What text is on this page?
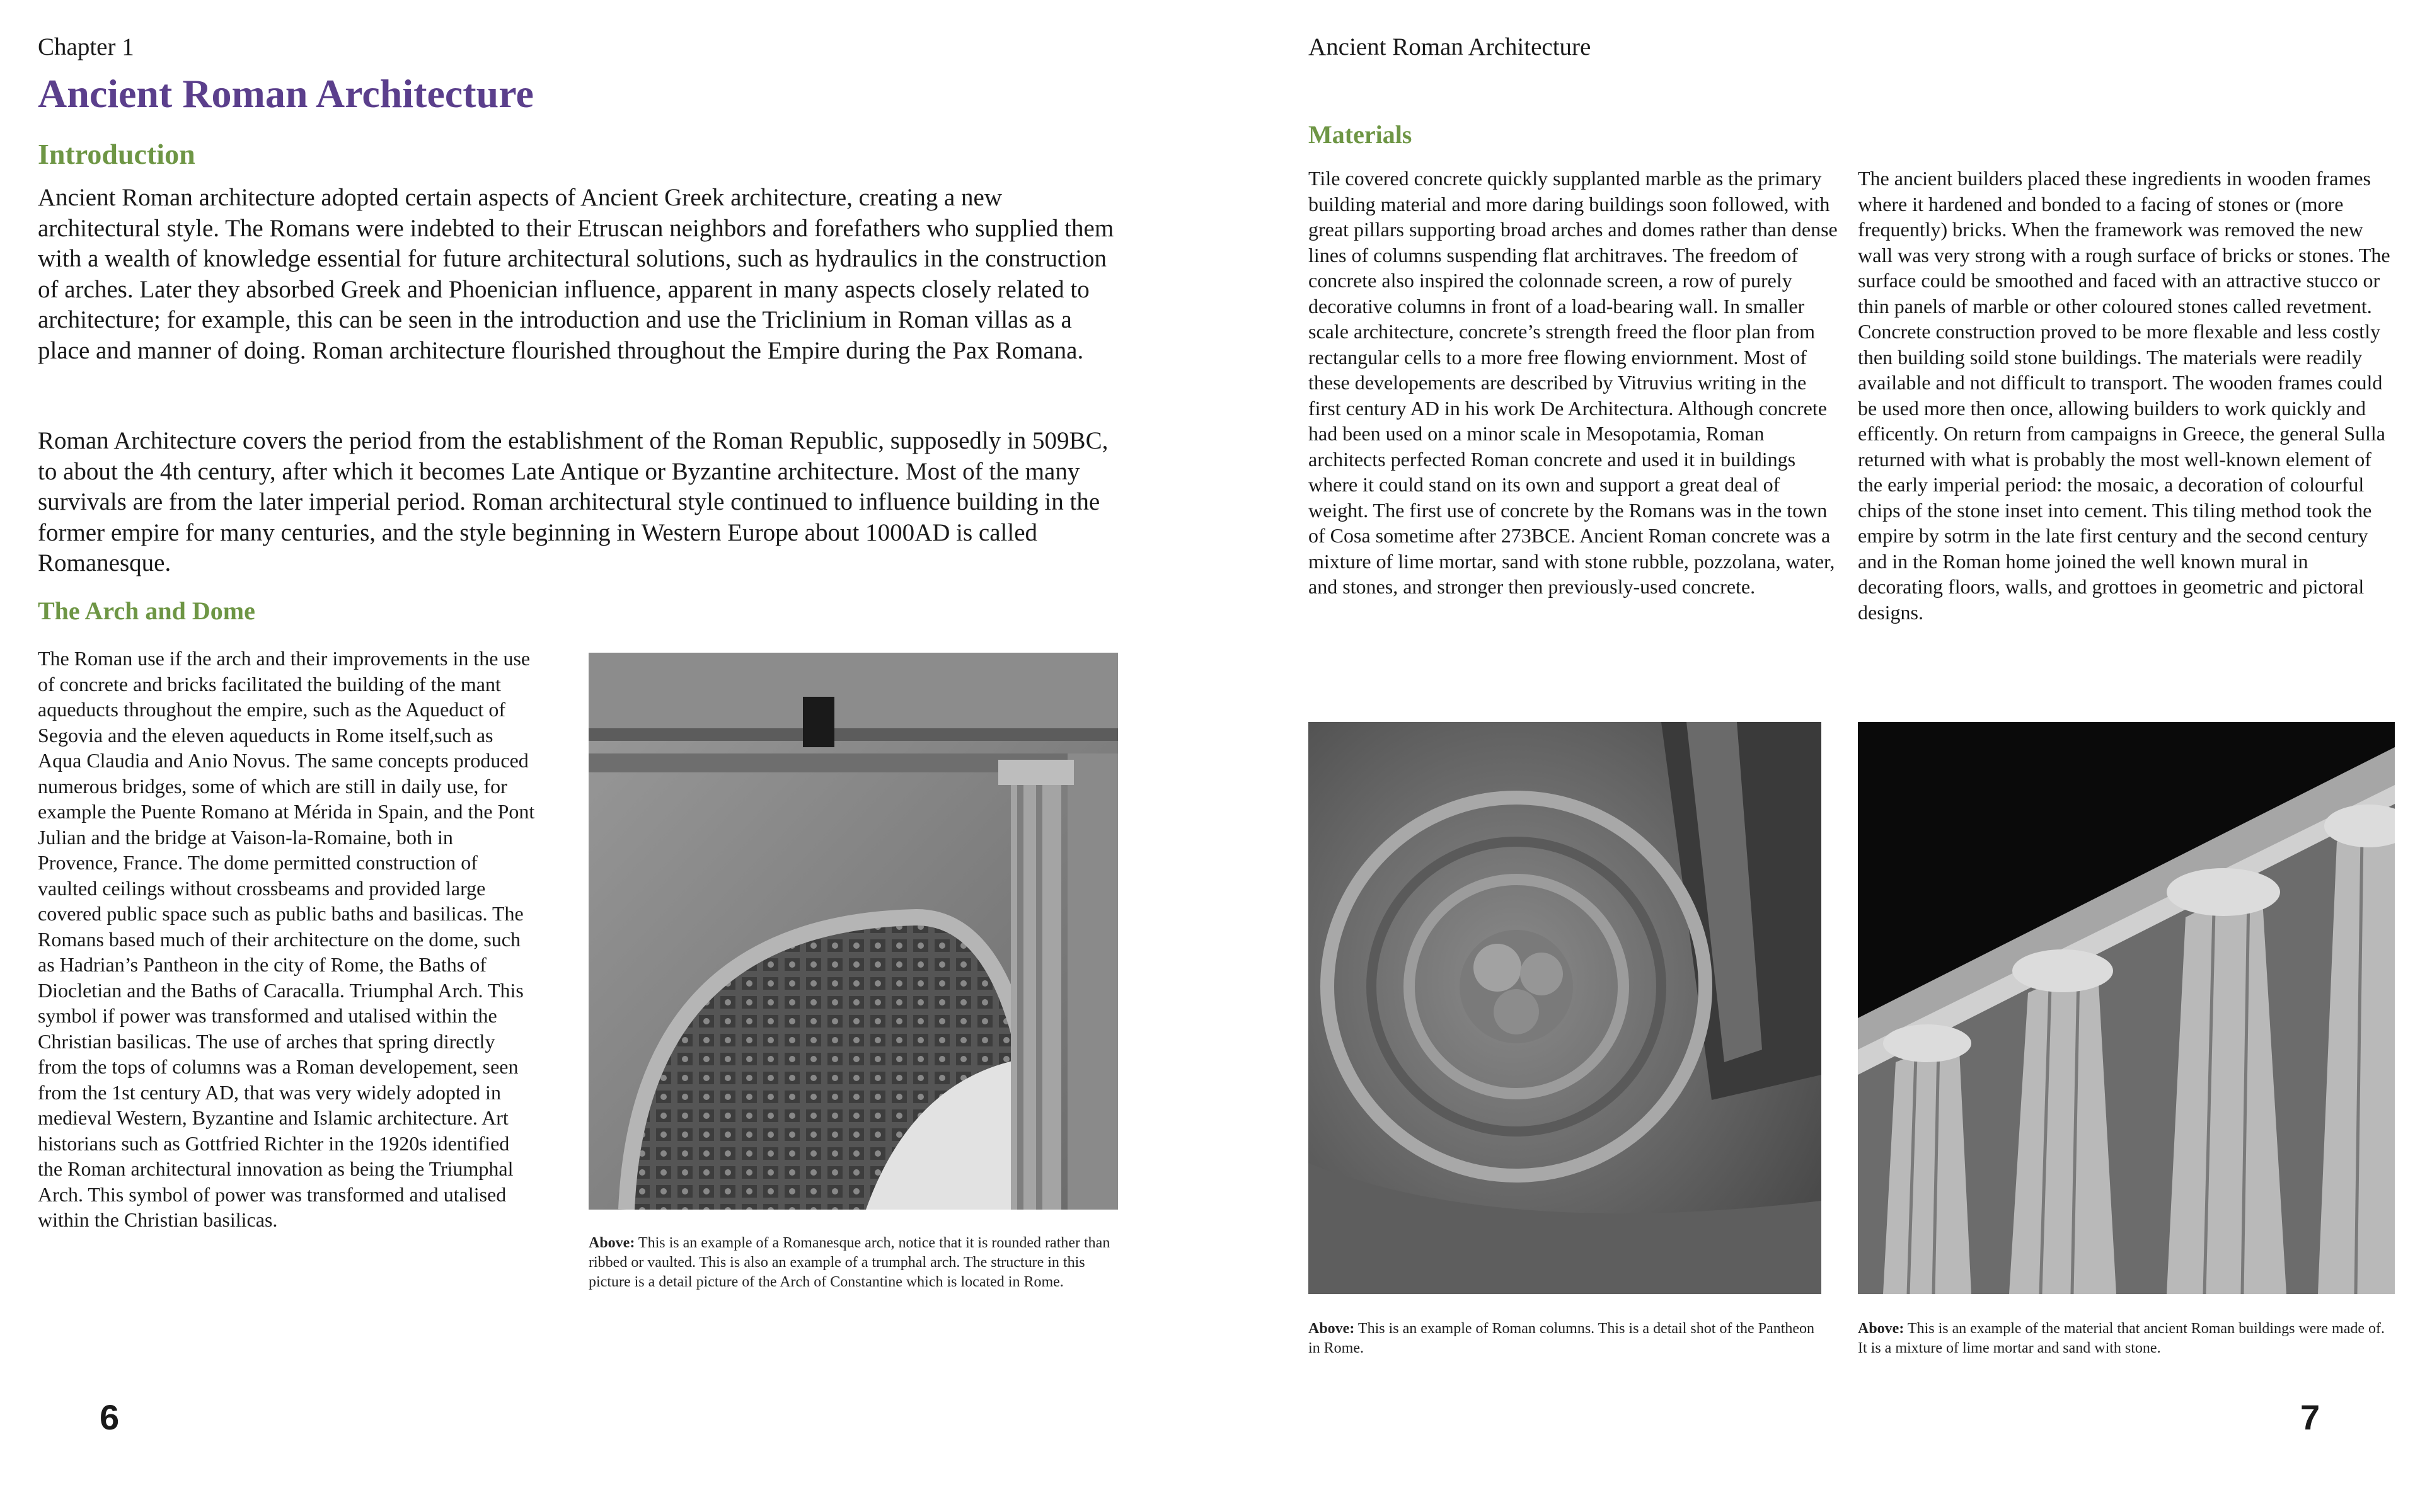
Chapter 1
Ancient Roman Architecture
Introduction

Ancient Roman architecture adopted certain aspects of Ancient Greek architecture, creating a new architectural style. The Romans were indebted to their Etruscan neighbors and forefathers who supplied them with a wealth of knowledge essential for future architectural solutions, such as hydraulics in the construction of arches. Later they absorbed Greek and Phoenician influence, apparent in many aspects closely related to architecture; for example, this can be seen in the introduction and use the Triclinium in Roman villas as a place and manner of doing. Roman architecture flourished throughout the Empire during the Pax Romana.

Roman Architecture covers the period from the establishment of the Roman Republic, supposedly in 509BC, to about the 4th century, after which it becomes Late Antique or Byzantine architecture. Most of the many survivals are from the later imperial period. Roman architectural style continued to influence building in the former empire for many centuries, and the style beginning in Western Europe about 1000AD is called Romanesque.

The Arch and Dome

The Roman use if the arch and their improvements in the use of concrete and bricks facilitated the building of the mant aqueducts throughout the empire, such as the Aqueduct of Segovia and the eleven aqueducts in Rome itself,such as Aqua Claudia and Anio Novus. The same concepts produced numerous bridges, some of which are still in daily use, for example the Puente Romano at Mérida in Spain, and the Pont Julian and the bridge at Vaison-la-Romaine, both in Provence, France. The dome permitted construction of vaulted ceilings without crossbeams and provided large covered public space such as public baths and basilicas. The Romans based much of their architecture on the dome, such as Hadrian’s Pantheon in the city of Rome, the Baths of Diocletian and the Baths of Caracalla. Triumphal Arch. This symbol if power was transformed and utalised within the Christian basilicas. The use of arches that spring directly from the tops of columns was a Roman developement, seen from the 1st century AD, that was very widely adopted in medieval Western, Byzantine and Islamic architecture. Art historians such as Gottfried Richter in the 1920s identified the Roman architectural innovation as being the Triumphal Arch. This symbol of power was transformed and utalised within the Christian basilicas.

Above: This is an example of a Romanesque arch, notice that it is rounded rather than ribbed or vaulted. This is also an example of a trumphal arch. The structure in this picture is a detail picture of the Arch of Constantine which is located in Rome.

6
Ancient Roman Architecture
Materials

Tile covered concrete quickly supplanted marble as the primary building material and more daring buildings soon followed, with great pillars supporting broad arches and domes rather than dense lines of columns suspending flat architraves. The freedom of concrete also inspired the colonnade screen, a row of purely decorative columns in front of a load-bearing wall. In smaller scale architecture, concrete’s strength freed the floor plan from rectangular cells to a more free flowing enviornment. Most of these developements are described by Vitruvius writing in the first century AD in his work De Architectura. Although concrete had been used on a minor scale in Mesopotamia, Roman architects perfected Roman concrete and used it in buildings where it could stand on its own and support a great deal of weight. The first use of concrete by the Romans was in the town of Cosa sometime after 273BCE. Ancient Roman concrete was a mixture of lime mortar, sand with stone rubble, pozzolana, water, and stones, and stronger then previously-used concrete.

The ancient builders placed these ingredients in wooden frames where it hardened and bonded to a facing of stones or (more frequently) bricks. When the framework was removed the new wall was very strong with a rough surface of bricks or stones. The surface could be smoothed and faced with an attractive stucco or thin panels of marble or other coloured stones called revetment. Concrete construction proved to be more flexable and less costly then building soild stone buildings. The materials were readily available and not difficult to transport. The wooden frames could be used more then once, allowing builders to work quickly and efficently. On return from campaigns in Greece, the general Sulla returned with what is probably the most well-known element of the early imperial period: the mosaic, a decoration of colourful chips of the stone inset into cement. This tiling method took the empire by sotrm in the late first century and the second century and in the Roman home joined the well known mural in decorating floors, walls, and grottoes in geometric and pictoral designs.

Above: This is an example of Roman columns. This is a detail shot of the Pantheon in Rome.

Above: This is an example of the material that ancient Roman buildings were made of. It is a mixture of lime mortar and sand with stone.

7
